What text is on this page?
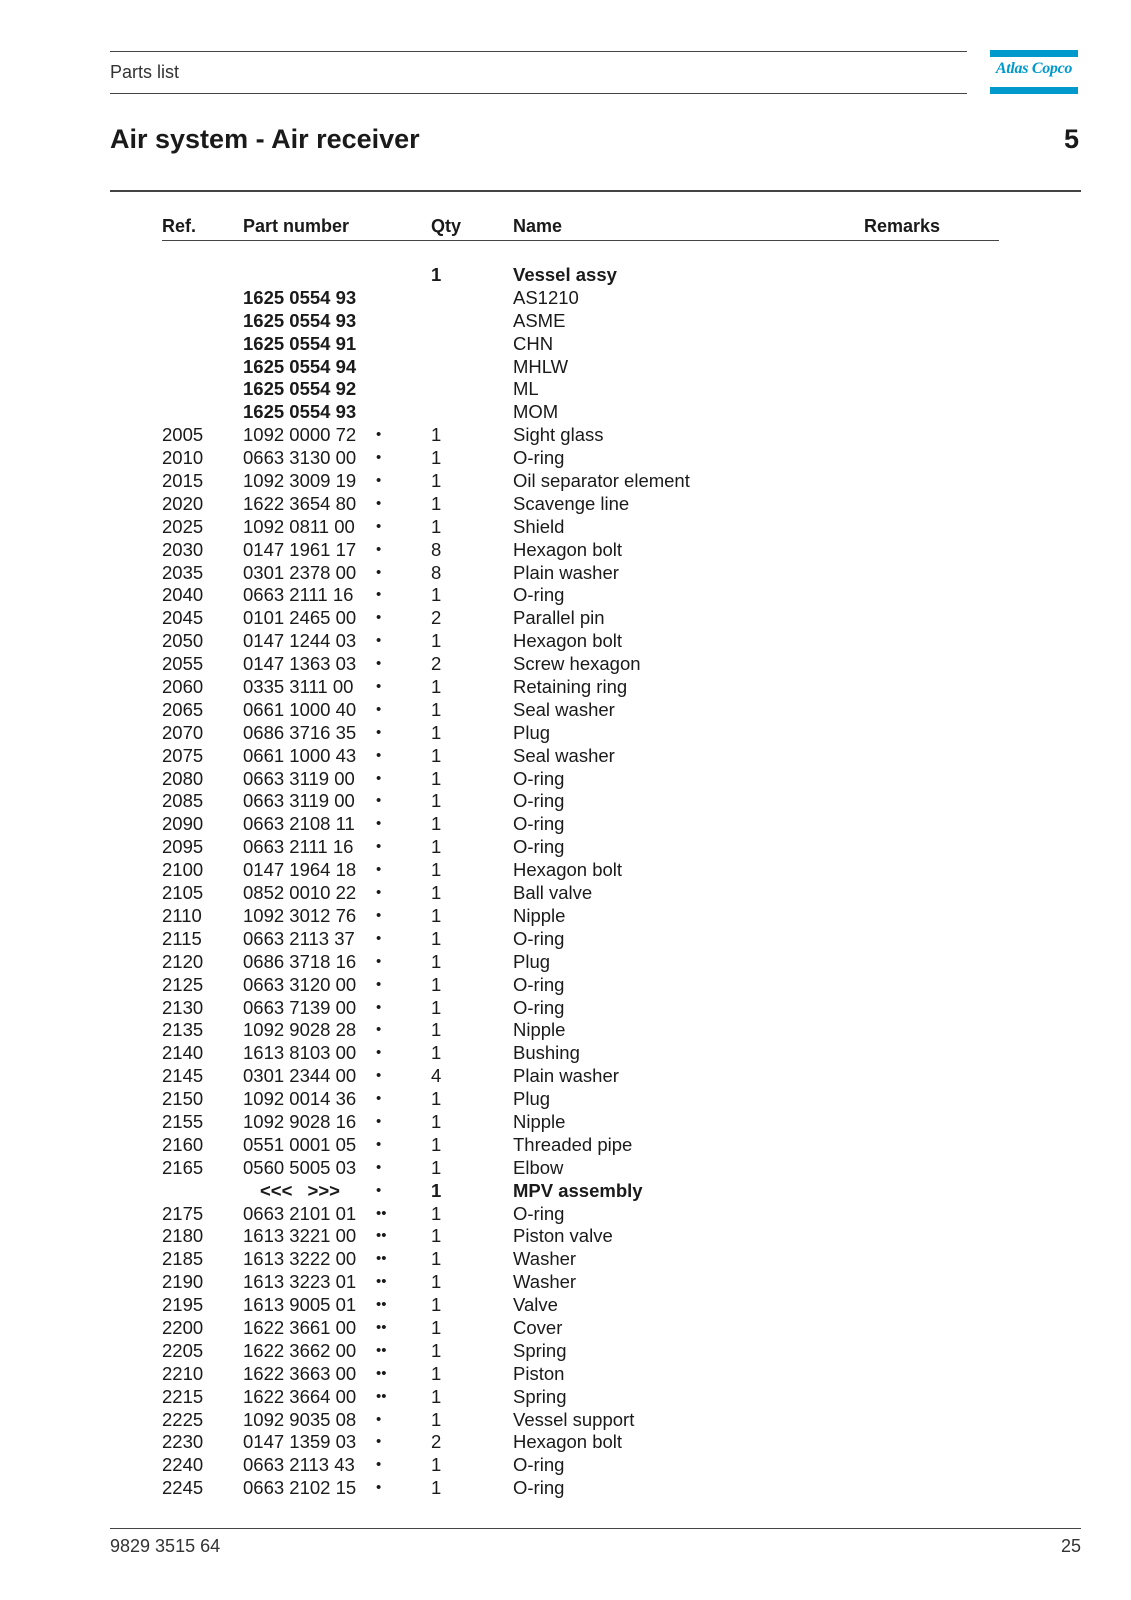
Parts list	Atlas Copco
Air system - Air receiver	5
Ref.	Part number	Qty	Name	Remarks
1	Vessel assy
1625 0554 93	AS1210
1625 0554 93	ASME
1625 0554 91	CHN
1625 0554 94	MHLW
1625 0554 92	ML
1625 0554 93	MOM
2005 1092 0000 72 •	1	Sight glass
2010 0663 3130 00 •	1	O-ring
2015 1092 3009 19 •	1	Oil separator element
2020 1622 3654 80 •	1	Scavenge line
2025 1092 0811 00 •	1	Shield
2030 0147 1961 17 •	8	Hexagon bolt
2035 0301 2378 00 •	8	Plain washer
2040 0663 2111 16 •	1	O-ring
2045 0101 2465 00 •	2	Parallel pin
2050 0147 1244 03 •	1	Hexagon bolt
2055 0147 1363 03 •	2	Screw hexagon
2060 0335 3111 00 •	1	Retaining ring
2065 0661 1000 40 •	1	Seal washer
2070 0686 3716 35 •	1	Plug
2075 0661 1000 43 •	1	Seal washer
2080 0663 3119 00 •	1	O-ring
2085 0663 3119 00 •	1	O-ring
2090 0663 2108 11 •	1	O-ring
2095 0663 2111 16 •	1	O-ring
2100 0147 1964 18 •	1	Hexagon bolt
2105 0852 0010 22 •	1	Ball valve
2110 1092 3012 76 •	1	Nipple
2115 0663 2113 37 •	1	O-ring
2120 0686 3718 16 •	1	Plug
2125 0663 3120 00 •	1	O-ring
2130 0663 7139 00 •	1	O-ring
2135 1092 9028 28 •	1	Nipple
2140 1613 8103 00 •	1	Bushing
2145 0301 2344 00 •	4	Plain washer
2150 1092 0014 36 •	1	Plug
2155 1092 9028 16 •	1	Nipple
2160 0551 0001 05 •	1	Threaded pipe
2165 0560 5005 03 •	1	Elbow
<<< >>> •	1	MPV assembly
2175 0663 2101 01 •• 1	O-ring
2180 1613 3221 00 •• 1	Piston valve
2185 1613 3222 00 •• 1	Washer
2190 1613 3223 01 •• 1	Washer
2195 1613 9005 01 •• 1	Valve
2200 1622 3661 00 •• 1	Cover
2205 1622 3662 00 •• 1	Spring
2210 1622 3663 00 •• 1	Piston
2215 1622 3664 00 •• 1	Spring
2225 1092 9035 08 •	1	Vessel support
2230 0147 1359 03 •	2	Hexagon bolt
2240 0663 2113 43 •	1	O-ring
2245 0663 2102 15 •	1	O-ring
9829 3515 64	25
